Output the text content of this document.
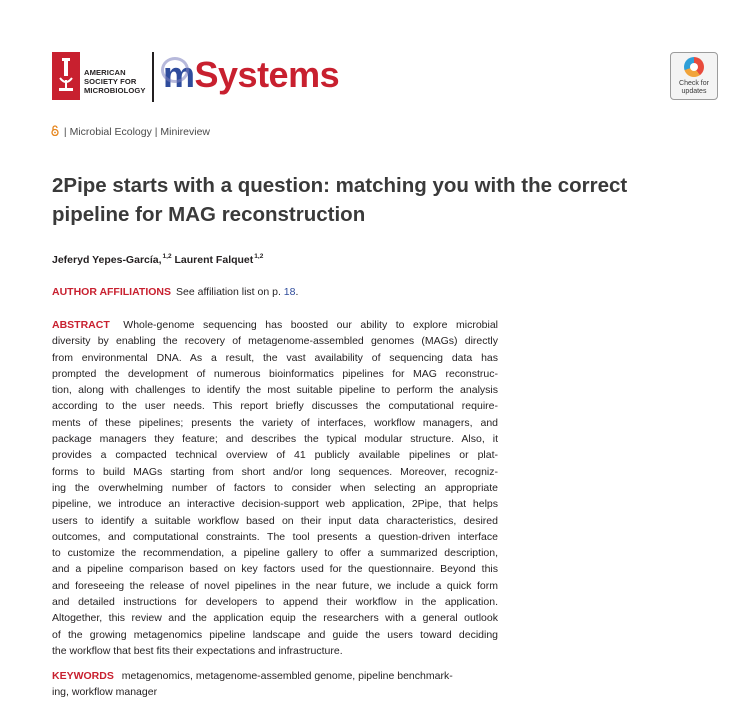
AMERICAN
SOCIETY FOR
MICROBIOLOGY mSystems	Check for
updates
| Microbial Ecology | Minireview
2Pipe starts with a question: matching you with the correct pipeline for MAG reconstruction
Jeferyd Yepes-García,$^{1,2}$ Laurent Falquet$^{1,2}$
AUTHOR AFFILIATIONS See affiliation list on p. 18.
ABSTRACT Whole-genome sequencing has boosted our ability to explore microbial
diversity by enabling the recovery of metagenome-assembled genomes (MAGs) directly
from environmental DNA. As a result, the vast availability of sequencing data has
prompted the development of numerous bioinformatics pipelines for MAG reconstruc-
tion, along with challenges to identify the most suitable pipeline to perform the analysis
according to the user needs. This report briefly discusses the computational require-
ments of these pipelines; presents the variety of interfaces, workflow managers, and
package managers they feature; and describes the typical modular structure. Also, it
provides a compacted technical overview of 41 publicly available pipelines or plat-
forms to build MAGs starting from short and/or long sequences. Moreover, recogniz-
ing the overwhelming number of factors to consider when selecting an appropriate
pipeline, we introduce an interactive decision-support web application, 2Pipe, that helps
users to identify a suitable workflow based on their input data characteristics, desired
outcomes, and computational constraints. The tool presents a question-driven interface
to customize the recommendation, a pipeline gallery to offer a summarized description,
and a pipeline comparison based on key factors used for the questionnaire. Beyond this
and foreseeing the release of novel pipelines in the near future, we include a quick form
and detailed instructions for developers to append their workflow in the application.
Altogether, this review and the application equip the researchers with a general outlook
of the growing metagenomics pipeline landscape and guide the users toward deciding
the workflow that best fits their expectations and infrastructure.
KEYWORDS metagenomics, metagenome-assembled genome, pipeline benchmark-
ing, workflow manager
